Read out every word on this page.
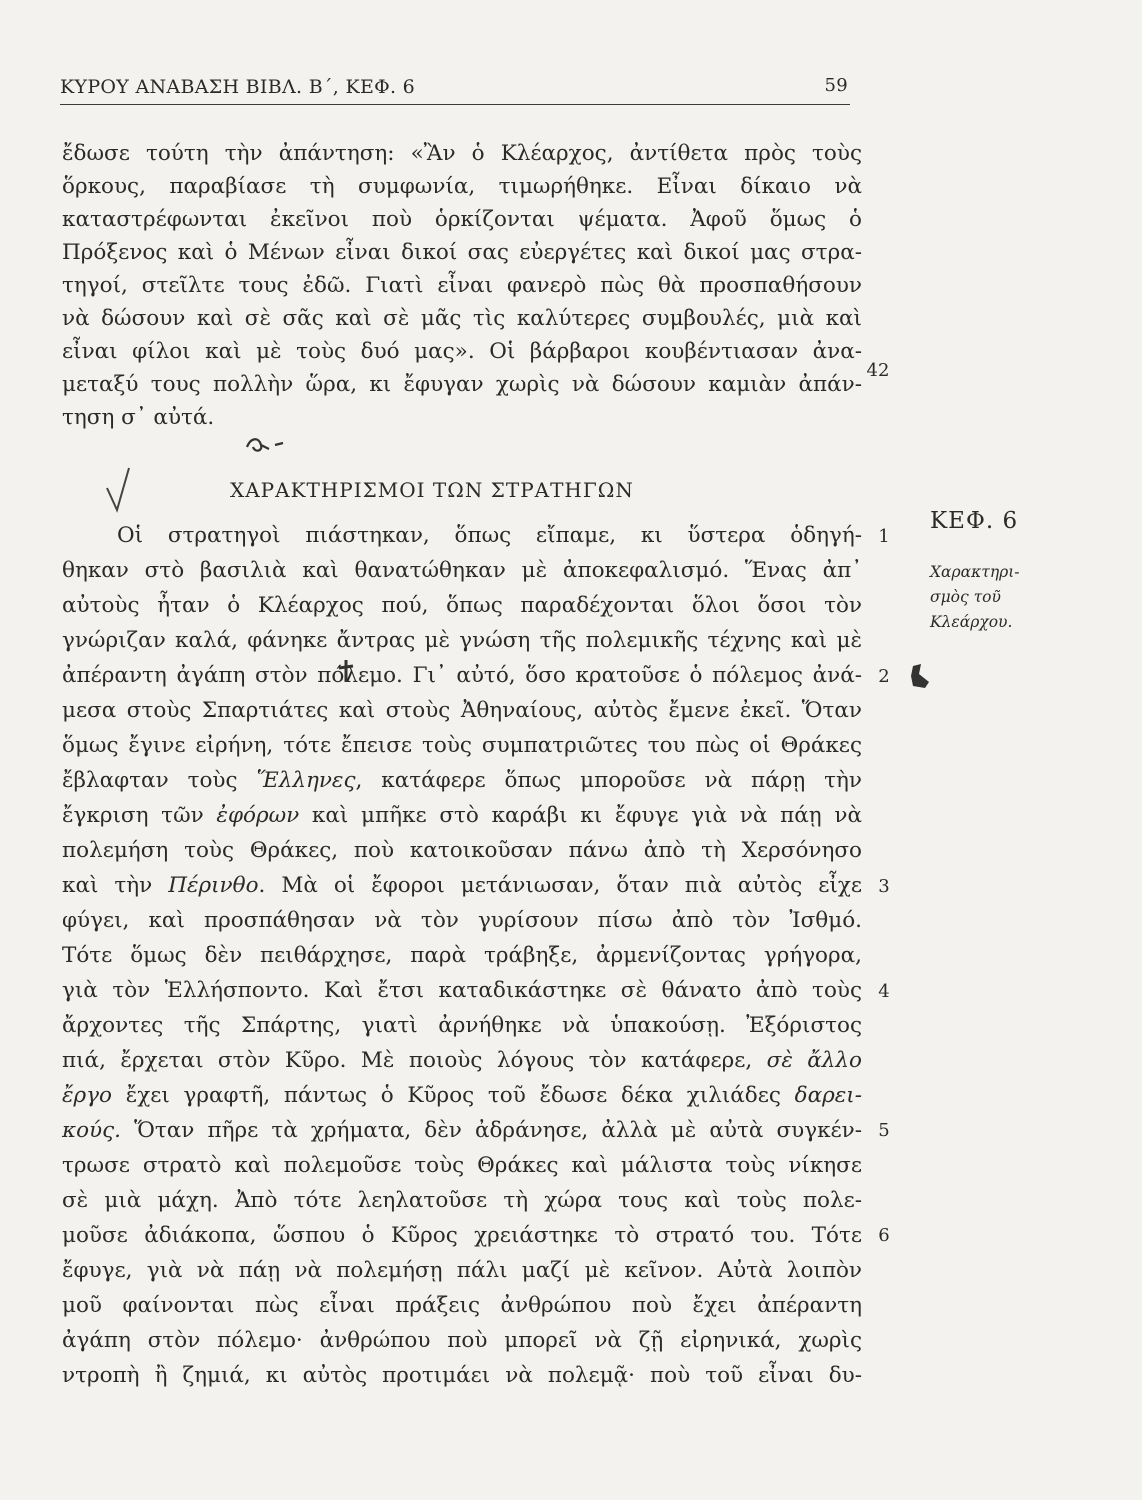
ΚΥΡΟΥ ΑΝΑΒΑΣΗ ΒΙΒΛ. Β΄, ΚΕΦ. 6	59
ἔδωσε τούτη τὴν ἀπάντηση: «Ἂν ὁ Κλέαρχος, ἀντίθετα πρὸς τοὺς
ὅρκους, παραβίασε τὴ συμφωνία, τιμωρήθηκε. Εἶναι δίκαιο νὰ
καταστρέφωνται ἐκεῖνοι ποὺ ὁρκίζονται ψέματα. Ἀφοῦ ὅμως ὁ
Πρόξενος καὶ ὁ Μένων εἶναι δικοί σας εὐεργέτες καὶ δικοί μας στρα-
τηγοί, στεῖλτε τους ἐδῶ. Γιατὶ εἶναι φανερὸ πὼς θὰ προσπαθήσουν
νὰ δώσουν καὶ σὲ σᾶς καὶ σὲ μᾶς τὶς καλύτερες συμβουλές, μιὰ καὶ
εἶναι φίλοι καὶ μὲ τοὺς δυό μας». Οἱ βάρβαροι κουβέντιασαν ἀνα-
μεταξύ τους πολλὴν ὥρα, κι ἔφυγαν χωρὶς νὰ δώσουν καμιὰν ἀπάν-
τηση σ᾽ αὐτά.
42
ΧΑΡΑΚΤΗΡΙΣΜΟΙ ΤΩΝ ΣΤΡΑΤΗΓΩΝ
Οἱ στρατηγοὶ πιάστηκαν, ὅπως εἴπαμε, κι ὕστερα ὁδηγή-
θηκαν στὸ βασιλιὰ καὶ θανατώθηκαν μὲ ἀποκεφαλισμό. Ἕνας ἀπ᾽
αὐτοὺς ἦταν ὁ Κλέαρχος πού, ὅπως παραδέχονται ὅλοι ὅσοι τὸν
γνώριζαν καλά, φάνηκε ἄντρας μὲ γνώση τῆς πολεμικῆς τέχνης καὶ μὲ
ἀπέραντη ἀγάπη στὸν πόλεμο. Γι᾽ αὐτό, ὅσο κρατοῦσε ὁ πόλεμος ἀνά-
μεσα στοὺς Σπαρτιάτες καὶ στοὺς Ἀθηναίους, αὐτὸς ἔμενε ἐκεῖ. Ὅταν
ὅμως ἔγινε εἰρήνη, τότε ἔπεισε τοὺς συμπατριῶτες του πὼς οἱ Θράκες
ἔβλαφταν τοὺς Ἕλληνες, κατάφερε ὅπως μποροῦσε νὰ πάρῃ τὴν
ἔγκριση τῶν ἐφόρων καὶ μπῆκε στὸ καράβι κι ἔφυγε γιὰ νὰ πάῃ νὰ
πολεμήση τοὺς Θράκες, ποὺ κατοικοῦσαν πάνω ἀπὸ τὴ Χερσόνησο
καὶ τὴν Πέρινθο. Μὰ οἱ ἔφοροι μετάνιωσαν, ὅταν πιὰ αὐτὸς εἶχε
φύγει, καὶ προσπάθησαν νὰ τὸν γυρίσουν πίσω ἀπὸ τὸν Ἰσθμό.
Τότε ὅμως δὲν πειθάρχησε, παρὰ τράβηξε, ἀρμενίζοντας γρήγορα,
γιὰ τὸν Ἑλλήσποντο. Καὶ ἔτσι καταδικάστηκε σὲ θάνατο ἀπὸ τοὺς
ἄρχοντες τῆς Σπάρτης, γιατὶ ἀρνήθηκε νὰ ὑπακούσῃ. Ἐξόριστος
πιά, ἔρχεται στὸν Κῦρο. Μὲ ποιοὺς λόγους τὸν κατάφερε, σὲ ἄλλο
ἔργο ἔχει γραφτῆ, πάντως ὁ Κῦρος τοῦ ἔδωσε δέκα χιλιάδες δαρει-
κούς. Ὅταν πῆρε τὰ χρήματα, δὲν ἀδράνησε, ἀλλὰ μὲ αὐτὰ συγκέν-
τρωσε στρατὸ καὶ πολεμοῦσε τοὺς Θράκες καὶ μάλιστα τοὺς νίκησε
σὲ μιὰ μάχη. Ἀπὸ τότε λεηλατοῦσε τὴ χώρα τους καὶ τοὺς πολε-
μοῦσε ἀδιάκοπα, ὥσπου ὁ Κῦρος χρειάστηκε τὸ στρατό του. Τότε
ἔφυγε, γιὰ νὰ πάῃ νὰ πολεμήσῃ πάλι μαζί μὲ κεῖνον. Αὐτὰ λοιπὸν
μοῦ φαίνονται πὼς εἶναι πράξεις ἀνθρώπου ποὺ ἔχει ἀπέραντη
ἀγάπη στὸν πόλεμο· ἀνθρώπου ποὺ μπορεῖ νὰ ζῇ εἰρηνικά, χωρὶς
ντροπὴ ἢ ζημιά, κι αὐτὸς προτιμάει νὰ πολεμᾷ· ποὺ τοῦ εἶναι δυ-
1
2
3
4
5
6
ΚΕΦ. 6
Χαρακτηρι-
σμὸς τοῦ
Κλεάρχου.
